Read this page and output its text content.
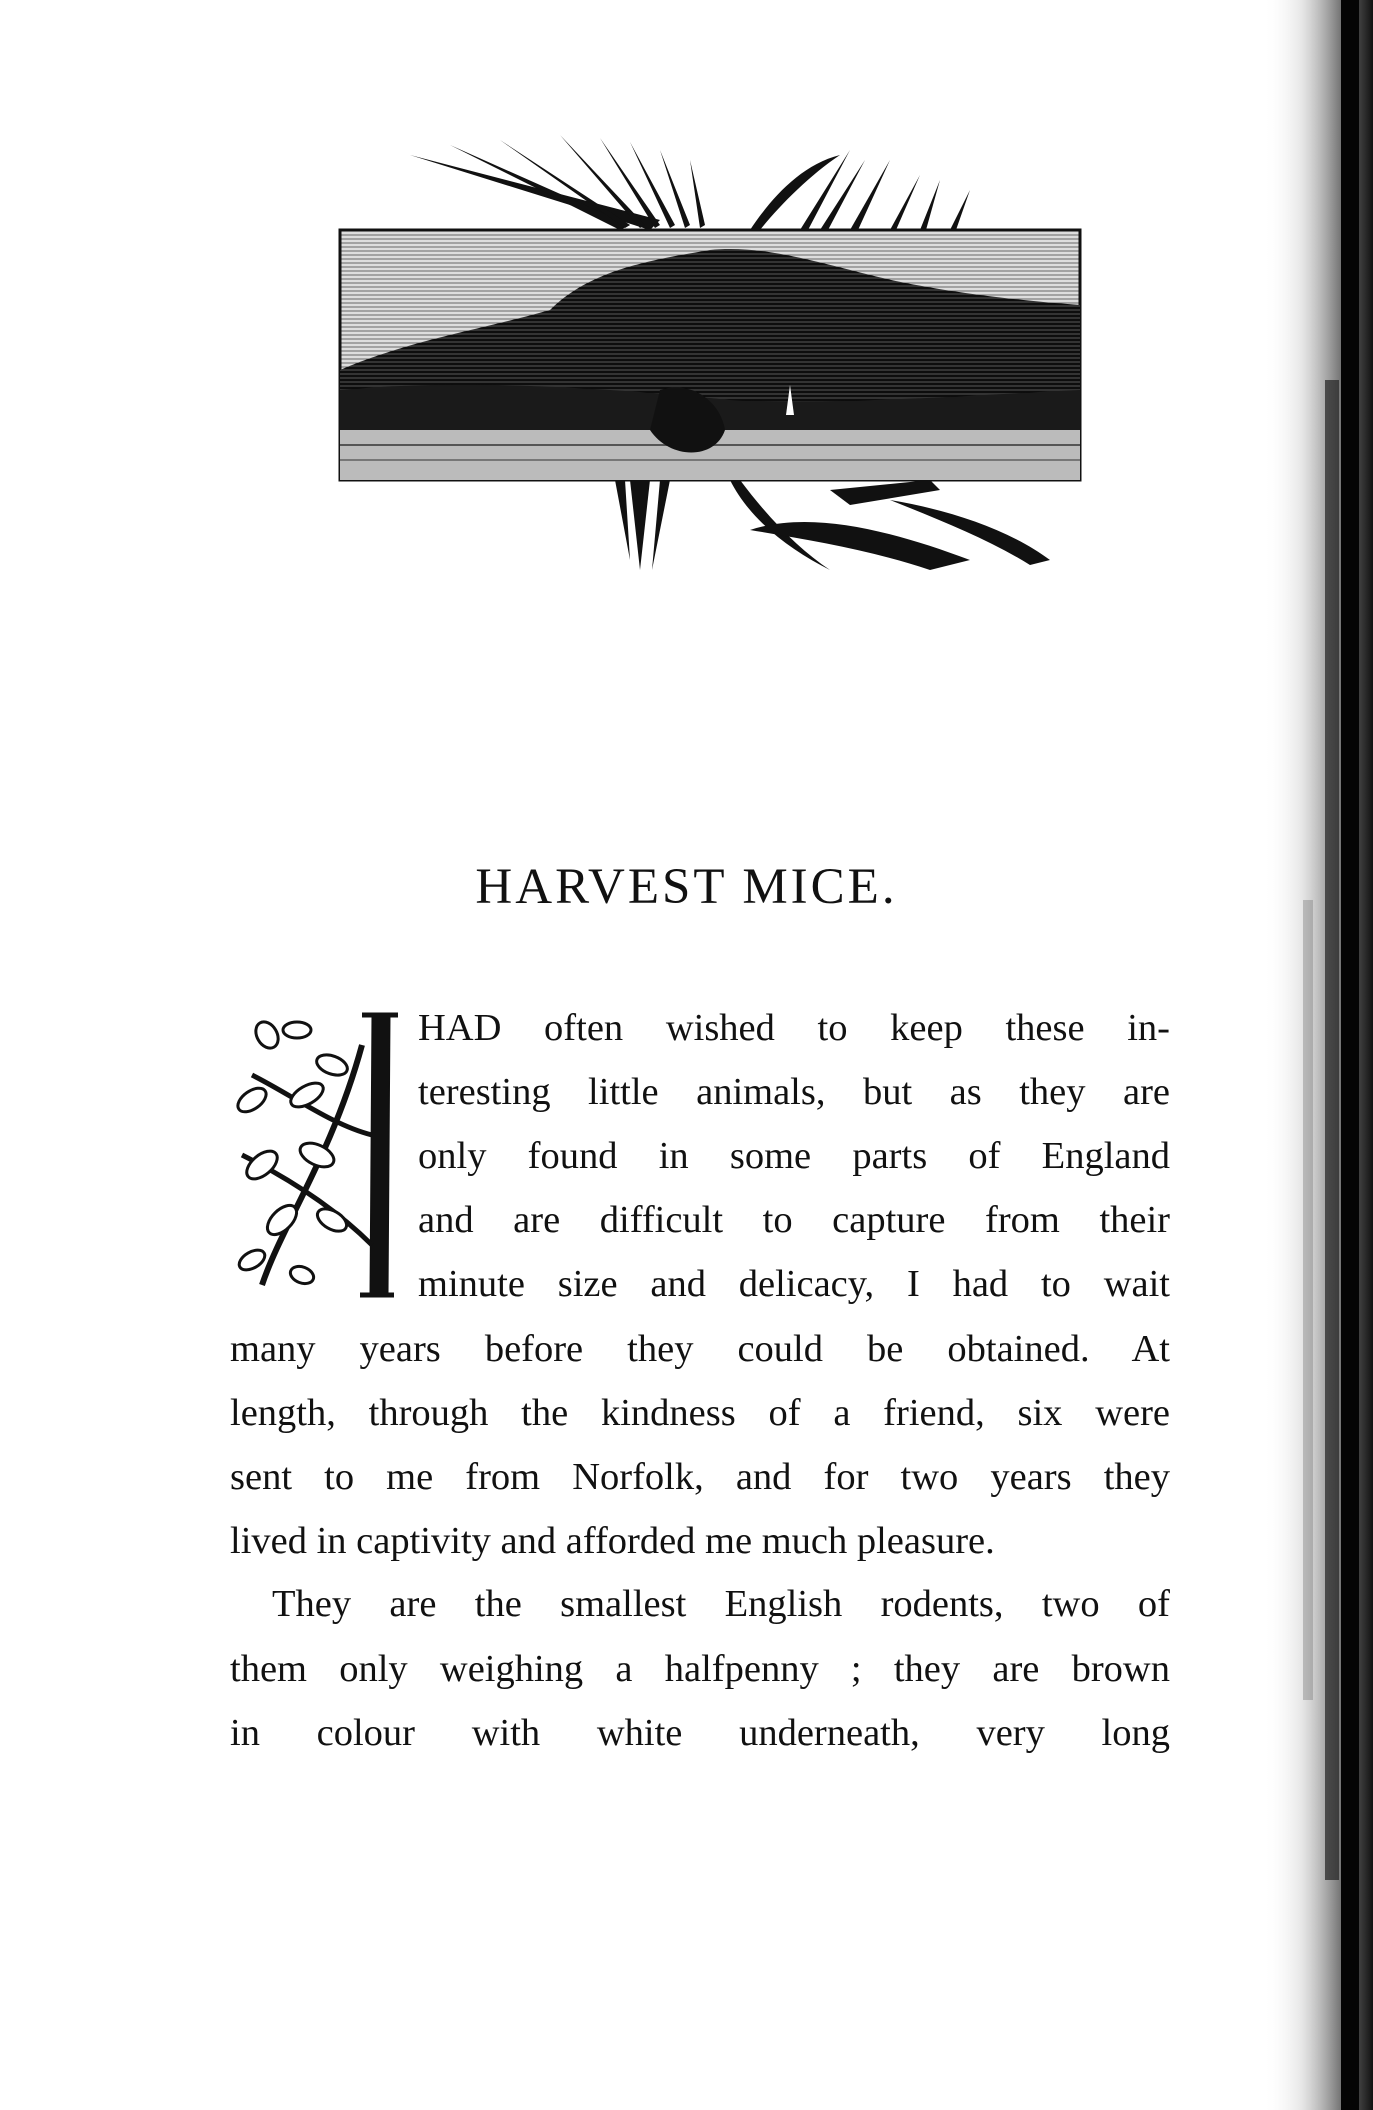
HARVEST MICE.
HAD often wished to keep these in-
teresting little animals, but as they are
only found in some parts of England
and are difficult to capture from their
minute size and delicacy, I had to wait
many years before they could be obtained. At
length, through the kindness of a friend, six were
sent to me from Norfolk, and for two years they
lived in captivity and afforded me much pleasure.
They are the smallest English rodents, two of
them only weighing a halfpenny ; they are brown
in colour with white underneath, very long
